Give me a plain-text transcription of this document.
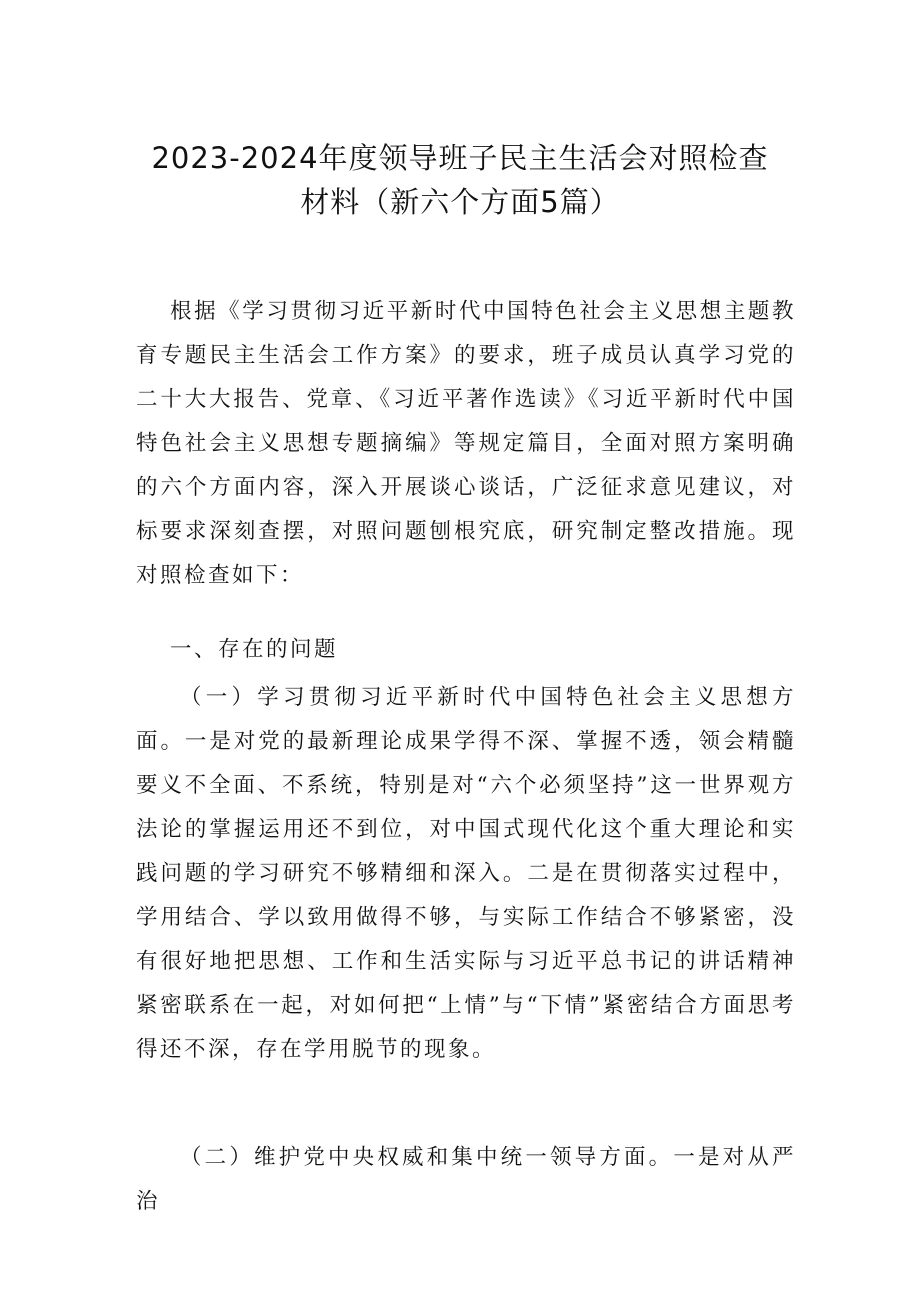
2023-2024年度领导班子民主生活会对照检查
材料（新六个方面5篇）

根据《学习贯彻习近平新时代中国特色社会主义思想主题教育专题民主生活会工作方案》的要求，班子成员认真学习党的二十大大报告、党章、《习近平著作选读》《习近平新时代中国特色社会主义思想专题摘编》等规定篇目，全面对照方案明确的六个方面内容，深入开展谈心谈话，广泛征求意见建议，对标要求深刻查摆，对照问题刨根究底，研究制定整改措施。现对照检查如下：

一、存在的问题

（一）学习贯彻习近平新时代中国特色社会主义思想方面。一是对党的最新理论成果学得不深、掌握不透，领会精髓要义不全面、不系统，特别是对“六个必须坚持”这一世界观方法论的掌握运用还不到位，对中国式现代化这个重大理论和实践问题的学习研究不够精细和深入。二是在贯彻落实过程中，学用结合、学以致用做得不够，与实际工作结合不够紧密，没有很好地把思想、工作和生活实际与习近平总书记的讲话精神紧密联系在一起，对如何把“上情”与“下情”紧密结合方面思考得还不深，存在学用脱节的现象。

（二）维护党中央权威和集中统一领导方面。一是对从严治
